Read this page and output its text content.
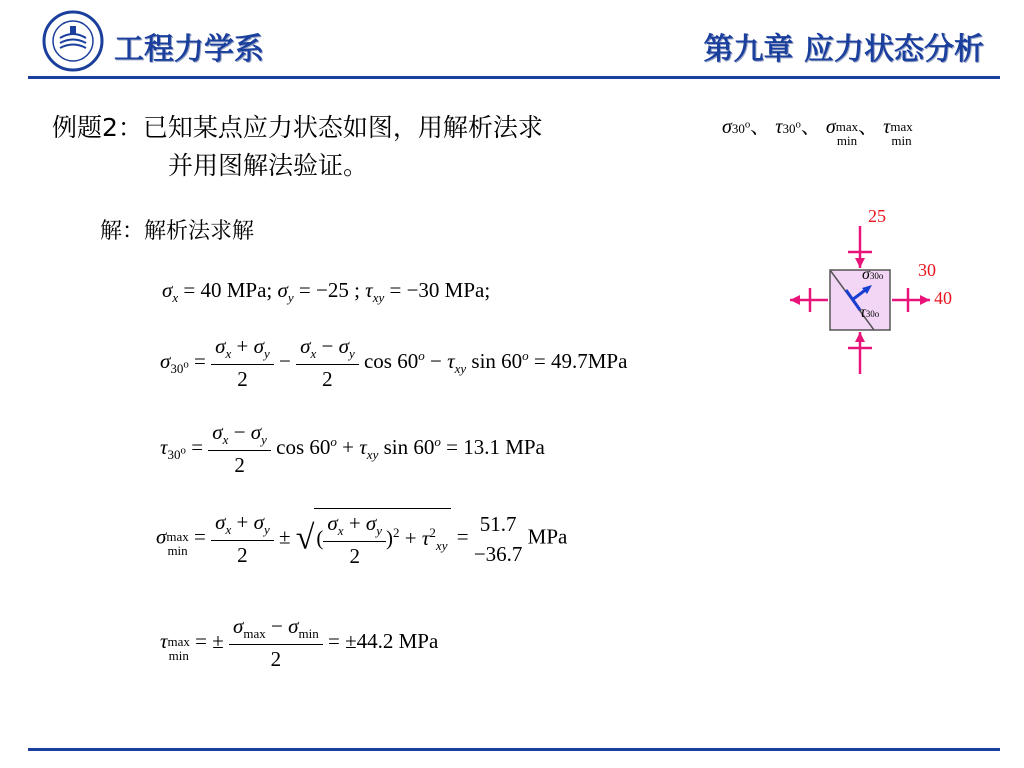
工程力学系	第九章 应力状态分析
例题2：已知某点应力状态如图，用解析法求	σ30$^o$、 τ30$^o$、 σ max
min
、 τ max
min
并用图解法验证。
解：解析法求解
$\sigma_x = 40$ MPa; $\sigma_y = -25$ ; $\tau_{xy} = -30$ MPa;
$\sigma_{30^o} = \frac{\sigma_x + \sigma_y}{2} - \frac{\sigma_x - \sigma_y}{2}$ $\cos 60^o - \tau_{xy}$ $\sin 60^o = 49.7MPa$
$\tau_{30^o} = \frac{\sigma_x - \sigma_y}{2}$ $\cos 60^o + \tau_{xy}$ $\sin 60^o = 13.1$ MPa
σ max
min
= $\frac{\sigma_x + \sigma_y}{2}$ ± √( $\frac{\sigma_x + \sigma_y}{2} )^2 + \tau^2_{xy}$ =
51.7
−36.7
MPa
τ max
min
= ± $\frac{\sigma_{max} - \sigma_{min}}{2} = \pm 44.2$ MPa
25
30
40
σ30o
τ30o
